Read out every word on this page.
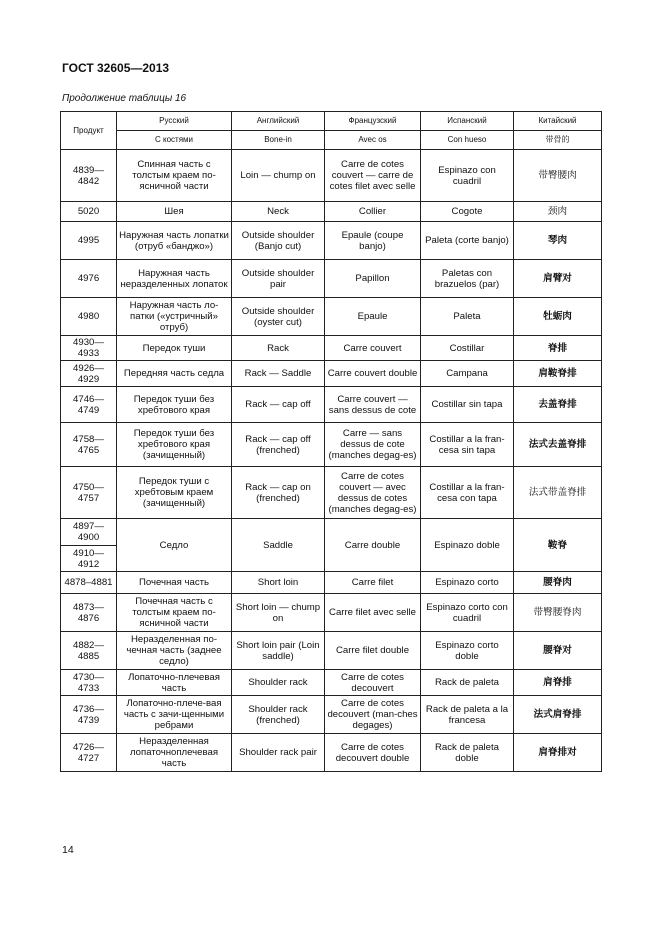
ГОСТ 32605—2013
Продолжение таблицы 16
Продукт	Русский	Английский	Французский	Испанский	Китайский
	С костями	Bone-in	Avec os	Con hueso	带骨的
4839—4842	Спинная часть с толстым краем по-ясничной части	Loin — chump on	Carre de cotes couvert — carre de cotes filet avec selle	Espinazo con cuadril	带臀腰肉
5020	Шея	Neck	Collier	Cogote	颈肉
4995	Наружная часть лопатки (отруб «банджо»)	Outside shoulder (Banjo cut)	Epaule (coupe banjo)	Paleta (corte banjo)	琴肉
4976	Наружная часть неразделенных лопаток	Outside shoulder pair	Papillon	Paletas con brazuelos (par)	肩臂对
4980	Наружная часть ло-патки («устричный» отруб)	Outside shoulder (oyster cut)	Epaule	Paleta	牡蛎肉
4930—4933	Передок туши	Rack	Carre couvert	Costillar	脊排
4926—4929	Передняя часть седла	Rack — Saddle	Carre couvert double	Campana	肩鞍脊排
4746—4749	Передок туши без хребтового края	Rack — cap off	Carre couvert — sans dessus de cote	Costillar sin tapa	去盖脊排
4758—4765	Передок туши без хребтового края (зачищенный)	Rack — cap off (frenched)	Carre — sans dessus de cote (manches degag-es)	Costillar a la fran-cesa sin tapa	法式去盖脊排
4750—4757	Передок туши с хребтовым краем (зачищенный)	Rack — cap on (frenched)	Carre de cotes couvert — avec dessus de cotes (manches degag-es)	Costillar a la fran-cesa con tapa	法式带盖脊排
4897—4900	Седло	Saddle	Carre double	Espinazo doble	鞍脊
4910—4912					
4878–4881	Почечная часть	Short loin	Carre filet	Espinazo corto	腰脊肉
4873—4876	Почечная часть с толстым краем по-ясничной части	Short loin — chump on	Carre filet avec selle	Espinazo corto con cuadril	带臀腰脊肉
4882—4885	Неразделенная по-чечная часть (заднее седло)	Short loin pair (Loin saddle)	Carre filet double	Espinazo corto doble	腰脊对
4730—4733	Лопаточно-плечевая часть	Shoulder rack	Carre de cotes decouvert	Rack de paleta	肩脊排
4736—4739	Лопаточно-плече-вая часть с зачи-щенными ребрами	Shoulder rack (frenched)	Carre de cotes decouvert (man-ches degages)	Rack de paleta a la francesa	法式肩脊排
4726—4727	Неразделенная лопаточноплечевая часть	Shoulder rack pair	Carre de cotes decouvert double	Rack de paleta doble	肩脊排对
14
